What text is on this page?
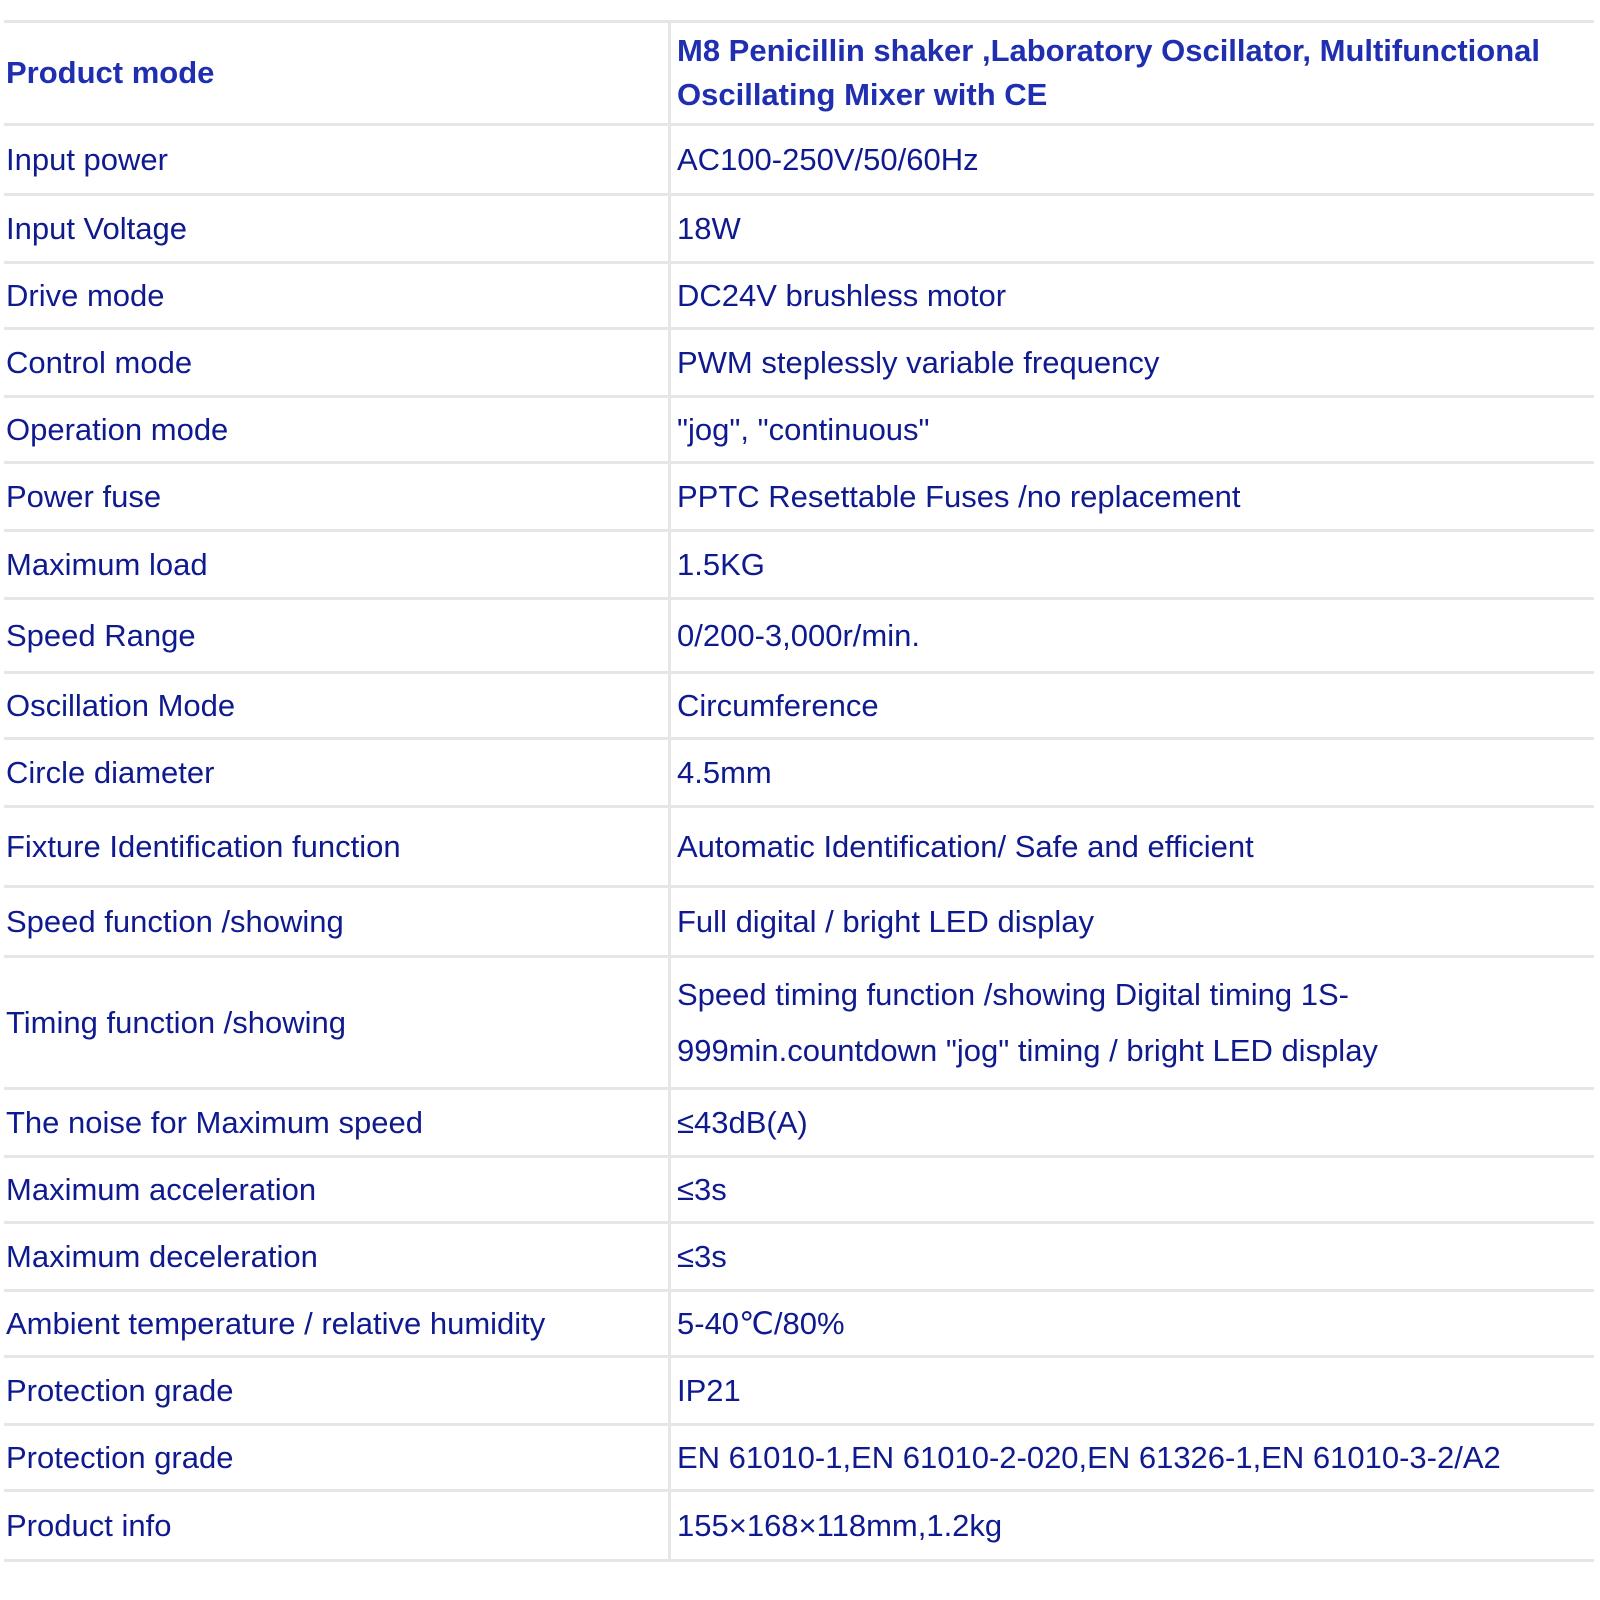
Product mode	M8 Penicillin shaker ,Laboratory Oscillator, Multifunctional Oscillating Mixer with CE
Input power	AC100-250V/50/60Hz
Input Voltage	18W
Drive mode	DC24V brushless motor
Control mode	PWM steplessly variable frequency
Operation mode	"jog", "continuous"
Power fuse	PPTC Resettable Fuses /no replacement
Maximum load	1.5KG
Speed Range	0/200-3,000r/min.
Oscillation Mode	Circumference
Circle diameter	4.5mm
Fixture Identification function	Automatic Identification/ Safe and efficient
Speed function /showing	Full digital / bright LED display
Timing function /showing	Speed timing function /showing Digital timing 1S-999min.countdown "jog" timing / bright LED display
The noise for Maximum speed	≤43dB(A)
Maximum acceleration	≤3s
Maximum deceleration	≤3s
Ambient temperature / relative humidity	5-40℃/80%
Protection grade	IP21
Protection grade	EN 61010-1,EN 61010-2-020,EN 61326-1,EN 61010-3-2/A2
Product info	155×168×118mm,1.2kg
